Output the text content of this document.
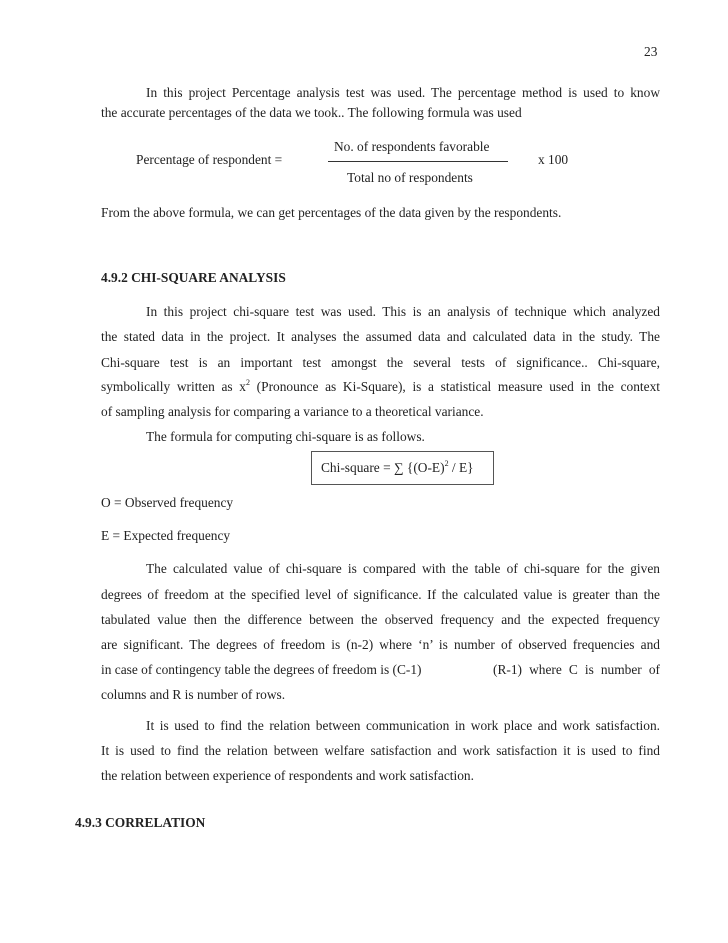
23
In this project Percentage analysis test was used. The percentage method is used to know
the accurate percentages of the data we took.. The following formula was used
Percentage of respondent =
No. of respondents favorable
Total no of respondents
x 100
From the above formula, we can get percentages of the data given by the respondents.
4.9.2 CHI-SQUARE ANALYSIS
In this project chi-square test was used. This is an analysis of technique which analyzed
the stated data in the project. It analyses the assumed data and calculated data in the study. The
Chi-square test is an important test amongst the several tests of significance.. Chi-square,
symbolically written as $x^2$ (Pronounce as Ki-Square), is a statistical measure used in the context
of sampling analysis for comparing a variance to a theoretical variance.
The formula for computing chi-square is as follows.
Chi-square = ∑ $\{(O-E)^2 / E\}$
O = Observed frequency
E = Expected frequency
The calculated value of chi-square is compared with the table of chi-square for the given
degrees of freedom at the specified level of significance. If the calculated value is greater than the
tabulated value then the difference between the observed frequency and the expected frequency
are significant. The degrees of freedom is (n-2) where ‘n’ is number of observed frequencies and
in case of contingency table the degrees of freedom is (C-1)	(R-1) where C is number of
columns and R is number of rows.
It is used to find the relation between communication in work place and work satisfaction.
It is used to find the relation between welfare satisfaction and work satisfaction it is used to find
the relation between experience of respondents and work satisfaction.
4.9.3 CORRELATION
